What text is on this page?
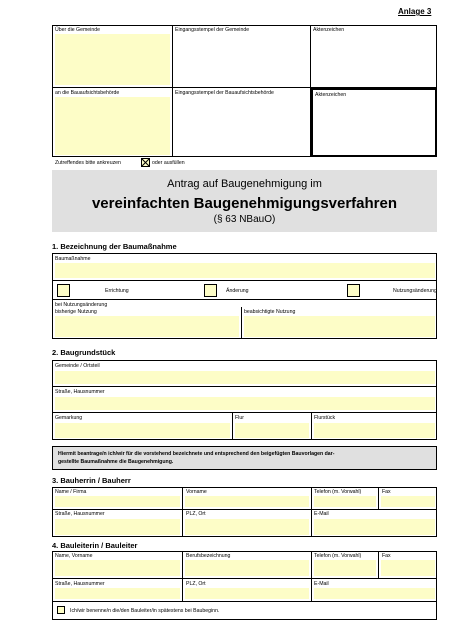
Anlage 3
Über die Gemeinde	Eingangsstempel der Gemeinde	Aktenzeichen
an die Bauaufsichtsbehörde	Eingangsstempel der Bauaufsichtsbehörde	Aktenzeichen
Zutreffendes bitte ankreuzen	oder ausfüllen
Antrag auf Baugenehmigung im
vereinfachten Baugenehmigungsverfahren
(§ 63 NBauO)
1. Bezeichnung der Baumaßnahme
Baumaßnahme
Errichtung	Änderung	Nutzungsänderung
bei Nutzungsänderung
bisherige Nutzung	beabsichtigte Nutzung
2. Baugrundstück
Gemeinde / Ortsteil
Straße, Hausnummer
Gemarkung	Flur	Flurstück
Hiermit beantrage/n ich/wir für die vorstehend bezeichnete und entsprechend den beigefügten Bauvorlagen dar-
gestellte Baumaßnahme die Baugenehmigung.
3. Bauherrin / Bauherr
Name / Firma	Vorname	Telefon (m. Vorwahl)	Fax
Straße, Hausnummer	PLZ, Ort	E-Mail
4. Bauleiterin / Bauleiter
Name, Vorname	Berufsbezeichnung	Telefon (m. Vorwahl)	Fax
Straße, Hausnummer	PLZ, Ort	E-Mail
Ich/wir benenne/n die/den Bauleiter/in spätestens bei Baubeginn.
